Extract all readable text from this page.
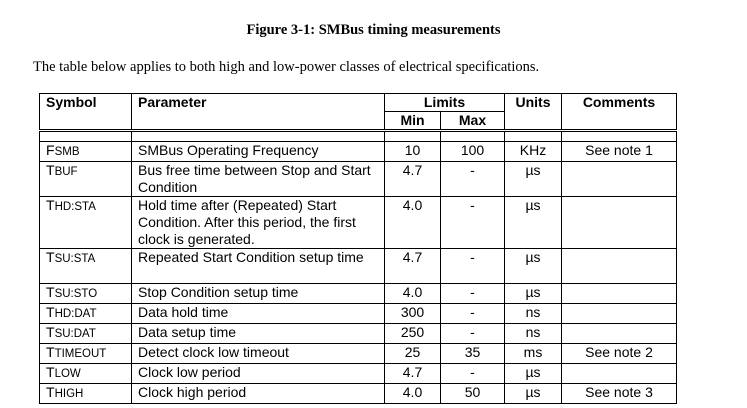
Figure 3-1: SMBus timing measurements
The table below applies to both high and low-power classes of electrical specifications.
Symbol	Parameter	Limits		Units	Comments
		Min	Max		

FSMB	SMBus Operating Frequency	10	100	KHz	See note 1
TBUF	Bus free time between Stop and Start Condition	4.7	-	µs	
THD:STA	Hold time after (Repeated) Start Condition. After this period, the first clock is generated.	4.0	-	µs	
TSU:STA	Repeated Start Condition setup time	4.7	-	µs	
TSU:STO	Stop Condition setup time	4.0	-	µs	
THD:DAT	Data hold time	300	-	ns	
TSU:DAT	Data setup time	250	-	ns	
TTIMEOUT	Detect clock low timeout	25	35	ms	See note 2
TLOW	Clock low period	4.7	-	µs	
THIGH	Clock high period	4.0	50	µs	See note 3
